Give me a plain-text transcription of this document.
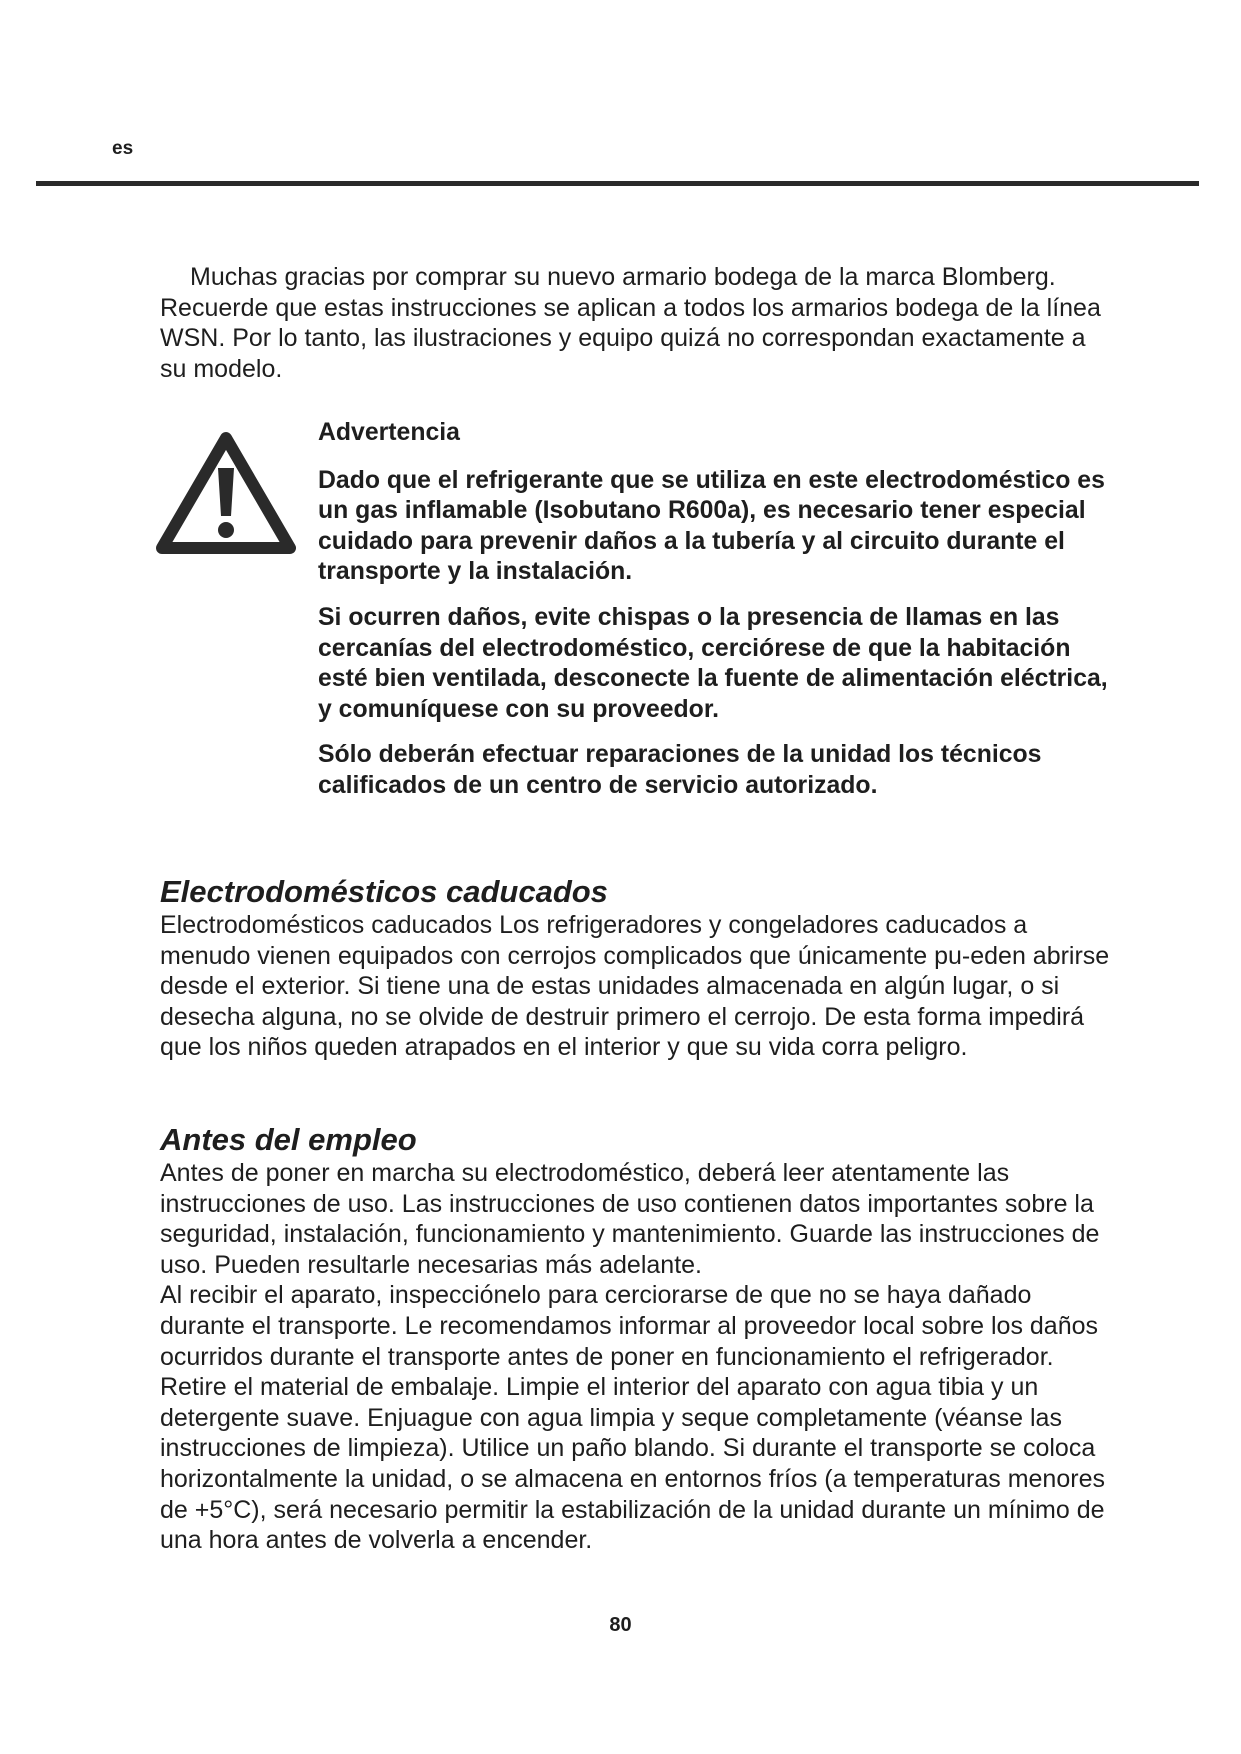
es

Muchas gracias por comprar su nuevo armario bodega de la marca Blomberg. Recuerde que estas instrucciones se aplican a todos los armarios bodega de la línea WSN. Por lo tanto, las ilustraciones y equipo quizá no correspondan exactamente a su modelo.

Advertencia

Dado que el refrigerante que se utiliza en este electrodoméstico es un gas inflamable (Isobutano R600a), es necesario tener especial cuidado para prevenir daños a la tubería y al circuito durante el transporte y la instalación.

Si ocurren daños, evite chispas o la presencia de llamas en las cercanías del electrodoméstico, cerciórese de que la habitación esté bien ventilada, desconecte la fuente de alimentación eléctrica, y comuníquese con su proveedor.

Sólo deberán efectuar reparaciones de la unidad los técnicos calificados de un centro de servicio autorizado.

Electrodomésticos caducados

Electrodomésticos caducados Los refrigeradores y congeladores caducados a menudo vienen equipados con cerrojos complicados que únicamente pu-eden abrirse desde el exterior. Si tiene una de estas unidades almacenada en algún lugar, o si desecha alguna, no se olvide de destruir primero el cerrojo. De esta forma impedirá que los niños queden atrapados en el interior y que su vida corra peligro.

Antes del empleo

Antes de poner en marcha su electrodoméstico, deberá leer atentamente las instrucciones de uso. Las instrucciones de uso contienen datos importantes sobre la seguridad, instalación, funcionamiento y mantenimiento. Guarde las instrucciones de uso. Pueden resultarle necesarias más adelante.

Al recibir el aparato, inspecciónelo para cerciorarse de que no se haya dañado durante el transporte. Le recomendamos informar al proveedor local sobre los daños ocurridos durante el transporte antes de poner en funcionamiento el refrigerador.

Retire el material de embalaje. Limpie el interior del aparato con agua tibia y un detergente suave. Enjuague con agua limpia y seque completamente (véanse las instrucciones de limpieza). Utilice un paño blando. Si durante el transporte se coloca horizontalmente la unidad, o se almacena en entornos fríos (a temperaturas menores de +5°C), será necesario permitir la estabilización de la unidad durante un mínimo de una hora antes de volverla a encender.

80
